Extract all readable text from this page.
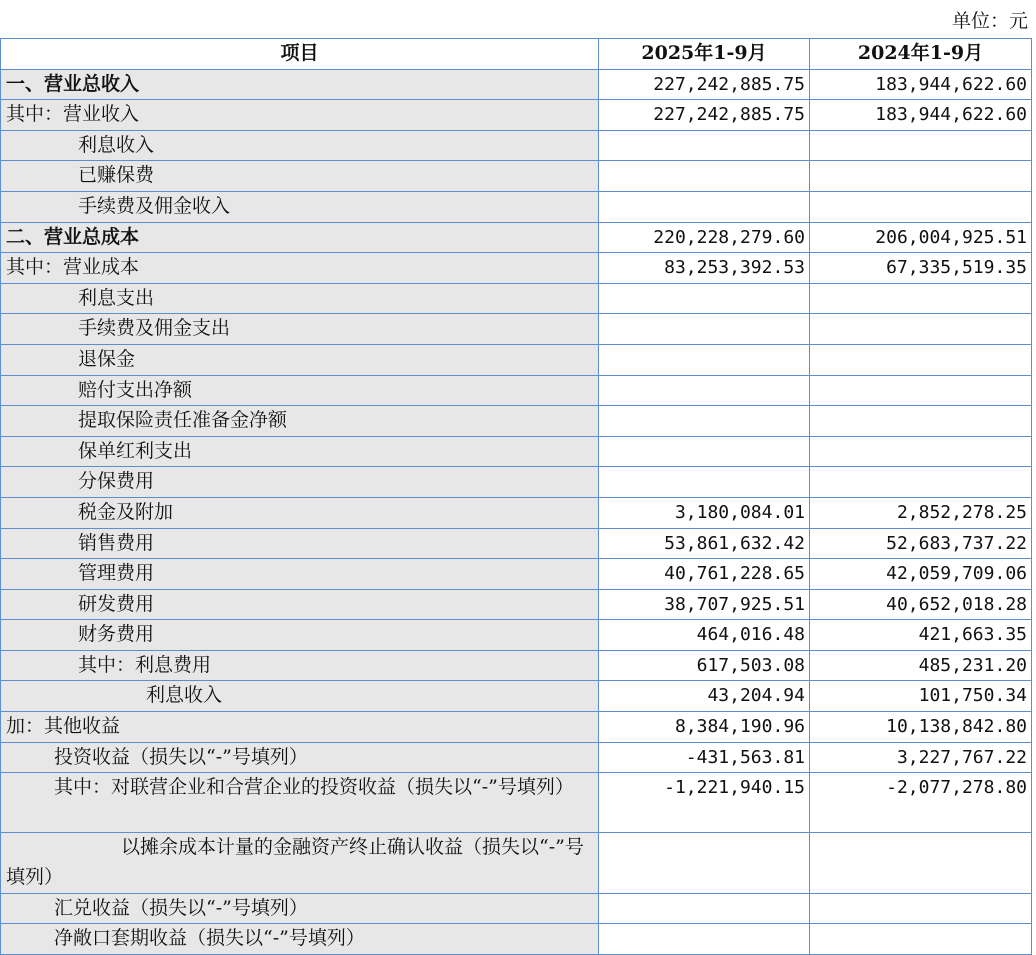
单位：元
项目	2025年1-9月	2024年1-9月
一、营业总收入	227,242,885.75	183,944,622.60
其中：营业收入	227,242,885.75	183,944,622.60
利息收入		
已赚保费		
手续费及佣金收入		
二、营业总成本	220,228,279.60	206,004,925.51
其中：营业成本	83,253,392.53	67,335,519.35
利息支出		
手续费及佣金支出		
退保金		
赔付支出净额		
提取保险责任准备金净额		
保单红利支出		
分保费用		
税金及附加	3,180,084.01	2,852,278.25
销售费用	53,861,632.42	52,683,737.22
管理费用	40,761,228.65	42,059,709.06
研发费用	38,707,925.51	40,652,018.28
财务费用	464,016.48	421,663.35
其中：利息费用	617,503.08	485,231.20
利息收入	43,204.94	101,750.34
加：其他收益	8,384,190.96	10,138,842.80
投资收益（损失以“-”号填列）	-431,563.81	3,227,767.22
其中：对联营企业和合营企业的投资收益（损失以“-”号填列）	-1,221,940.15	-2,077,278.80
以摊余成本计量的金融资产终止确认收益（损失以“-”号填列）		
汇兑收益（损失以“-”号填列）		
净敞口套期收益（损失以“-”号填列）		
